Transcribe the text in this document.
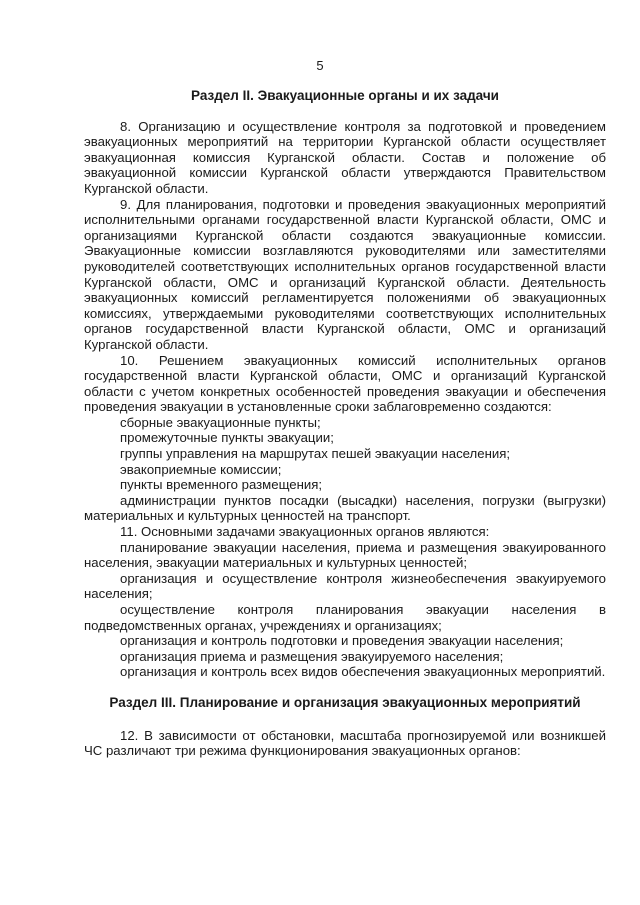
5
Раздел II. Эвакуационные органы и их задачи

8. Организацию и осуществление контроля за подготовкой и проведением эвакуационных мероприятий на территории Курганской области осуществляет эвакуационная комиссия Курганской области. Состав и положение об эвакуационной комиссии Курганской области утверждаются Правительством Курганской области.

9. Для планирования, подготовки и проведения эвакуационных мероприятий исполнительными органами государственной власти Курганской области, ОМС и организациями Курганской области создаются эвакуационные комиссии. Эвакуационные комиссии возглавляются руководителями или заместителями руководителей соответствующих исполнительных органов государственной власти Курганской области, ОМС и организаций Курганской области. Деятельность эвакуационных комиссий регламентируется положениями об эвакуационных комиссиях, утверждаемыми руководителями соответствующих исполнительных органов государственной власти Курганской области, ОМС и организаций Курганской области.

10. Решением эвакуационных комиссий исполнительных органов государственной власти Курганской области, ОМС и организаций Курганской области с учетом конкретных особенностей проведения эвакуации и обеспечения проведения эвакуации в установленные сроки заблаговременно создаются:

сборные эвакуационные пункты;

промежуточные пункты эвакуации;

группы управления на маршрутах пешей эвакуации населения;

эвакоприемные комиссии;

пункты временного размещения;

администрации пунктов посадки (высадки) населения, погрузки (выгрузки) материальных и культурных ценностей на транспорт.

11. Основными задачами эвакуационных органов являются:

планирование эвакуации населения, приема и размещения эвакуированного населения, эвакуации материальных и культурных ценностей;

организация и осуществление контроля жизнеобеспечения эвакуируемого населения;

осуществление контроля планирования эвакуации населения в подведомственных органах, учреждениях и организациях;

организация и контроль подготовки и проведения эвакуации населения;

организация приема и размещения эвакуируемого населения;

организация и контроль всех видов обеспечения эвакуационных мероприятий.

Раздел III. Планирование и организация эвакуационных мероприятий

12. В зависимости от обстановки, масштаба прогнозируемой или возникшей ЧС различают три режима функционирования эвакуационных органов:
